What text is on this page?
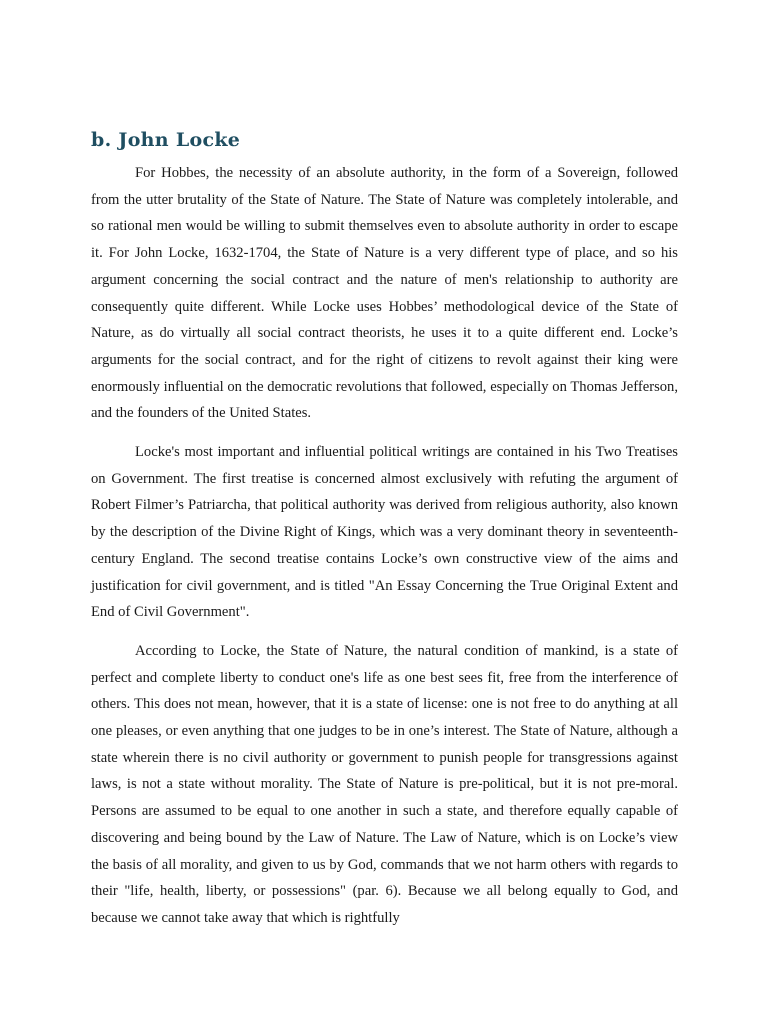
b. John Locke

For Hobbes, the necessity of an absolute authority, in the form of a Sovereign, followed from the utter brutality of the State of Nature. The State of Nature was completely intolerable, and so rational men would be willing to submit themselves even to absolute authority in order to escape it. For John Locke, 1632-1704, the State of Nature is a very different type of place, and so his argument concerning the social contract and the nature of men's relationship to authority are consequently quite different. While Locke uses Hobbes’ methodological device of the State of Nature, as do virtually all social contract theorists, he uses it to a quite different end. Locke’s arguments for the social contract, and for the right of citizens to revolt against their king were enormously influential on the democratic revolutions that followed, especially on Thomas Jefferson, and the founders of the United States.

Locke's most important and influential political writings are contained in his Two Treatises on Government. The first treatise is concerned almost exclusively with refuting the argument of Robert Filmer’s Patriarcha, that political authority was derived from religious authority, also known by the description of the Divine Right of Kings, which was a very dominant theory in seventeenth-century England. The second treatise contains Locke’s own constructive view of the aims and justification for civil government, and is titled "An Essay Concerning the True Original Extent and End of Civil Government".

According to Locke, the State of Nature, the natural condition of mankind, is a state of perfect and complete liberty to conduct one's life as one best sees fit, free from the interference of others. This does not mean, however, that it is a state of license: one is not free to do anything at all one pleases, or even anything that one judges to be in one’s interest. The State of Nature, although a state wherein there is no civil authority or government to punish people for transgressions against laws, is not a state without morality. The State of Nature is pre-political, but it is not pre-moral. Persons are assumed to be equal to one another in such a state, and therefore equally capable of discovering and being bound by the Law of Nature. The Law of Nature, which is on Locke’s view the basis of all morality, and given to us by God, commands that we not harm others with regards to their "life, health, liberty, or possessions" (par. 6). Because we all belong equally to God, and because we cannot take away that which is rightfully
